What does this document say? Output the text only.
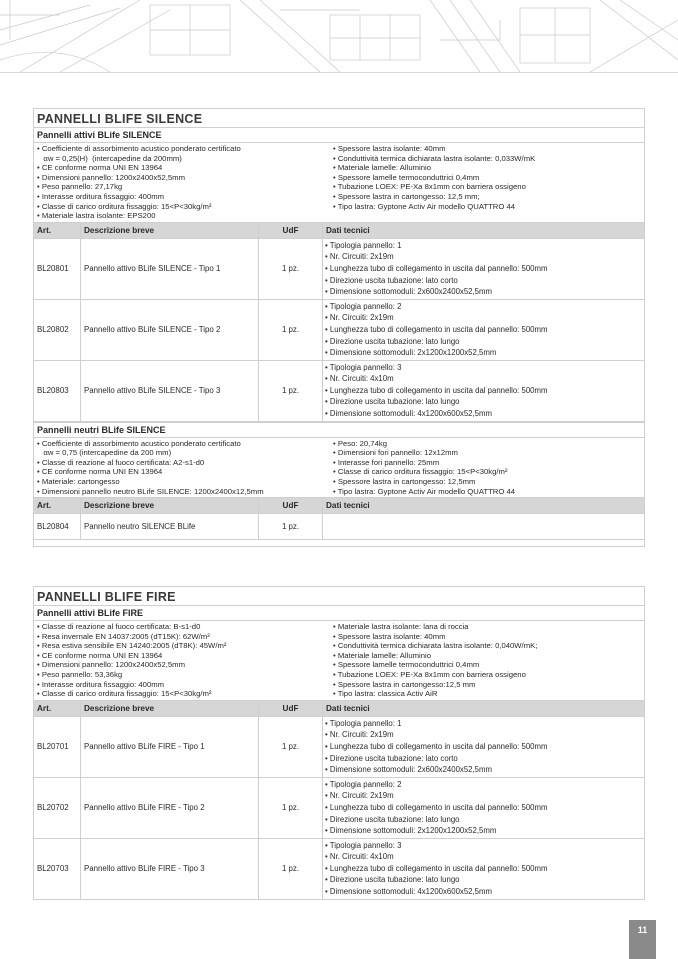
PANNELLI BLIFE SILENCE
Pannelli attivi BLife SILENCE
• Coefficiente di assorbimento acustico ponderato certificato
αw = 0,25(H)  (intercapedine da 200mm)
• CE conforme norma UNI EN 13964
• Dimensioni pannello: 1200x2400x52,5mm
• Peso pannello: 27,17kg
• Interasse orditura fissaggio: 400mm
• Classe di carico orditura fissaggio: 15<P<30kg/m²
• Materiale lastra isolante: EPS200
• Spessore lastra isolante: 40mm
• Conduttività termica dichiarata lastra isolante: 0,033W/mK
• Materiale lamelle: Alluminio
• Spessore lamelle termoconduttrici 0,4mm
• Tubazione LOEX: PE-Xa 8x1mm con barriera ossigeno
• Spessore lastra in cartongesso: 12,5 mm;
• Tipo lastra: Gyptone Activ Air modello QUATTRO 44
Art.	Descrizione breve	UdF	Dati tecnici
BL20801	Pannello attivo BLife SILENCE - Tipo 1	1 pz.	• Tipologia pannello: 1
• Nr. Circuiti: 2x19m
• Lunghezza tubo di collegamento in uscita dal pannello: 500mm
• Direzione uscita tubazione: lato corto
• Dimensione sottomoduli: 2x600x2400x52,5mm

BL20802	Pannello attivo BLife SILENCE - Tipo 2	1 pz.	• Tipologia pannello: 2
• Nr. Circuiti: 2x19m
• Lunghezza tubo di collegamento in uscita dal pannello: 500mm
• Direzione uscita tubazione: lato lungo
• Dimensione sottomoduli: 2x1200x1200x52,5mm

BL20803	Pannello attivo BLife SILENCE - Tipo 3	1 pz.	• Tipologia pannello: 3
• Nr. Circuiti: 4x10m
• Lunghezza tubo di collegamento in uscita dal pannello: 500mm
• Direzione uscita tubazione: lato lungo
• Dimensione sottomoduli: 4x1200x600x52,5mm
Pannelli neutri BLife SILENCE
• Coefficiente di assorbimento acustico ponderato certificato
αw = 0,75 (intercapedine da 200 mm)
• Classe di reazione al fuoco certificata: A2-s1-d0
• CE conforme norma UNI EN 13964
• Materiale: cartongesso
• Dimensioni pannello neutro BLife SILENCE: 1200x2400x12,5mm
• Peso: 20,74kg
• Dimensioni fori pannello: 12x12mm
• Interasse fori pannello: 25mm
• Classe di carico orditura fissaggio: 15<P<30kg/m²
• Spessore lastra in cartongesso: 12,5mm
• Tipo lastra: Gyptone Activ Air modello QUATTRO 44
Art.	Descrizione breve	UdF	Dati tecnici
BL20804	Pannello neutro SILENCE BLife	1 pz.	
PANNELLI BLIFE FIRE
Pannelli attivi BLife FIRE
• Classe di reazione al fuoco certificata: B-s1-d0
• Resa invernale EN 14037:2005 (dT15K): 62W/m²
• Resa estiva sensibile EN 14240:2005 (dT8K): 45W/m²
• CE conforme norma UNI EN 13964
• Dimensioni pannello: 1200x2400x52,5mm
• Peso pannello: 53,36kg
• Interasse orditura fissaggio: 400mm
• Classe di carico orditura fissaggio: 15<P<30kg/m²
• Materiale lastra isolante: lana di roccia
• Spessore lastra isolante: 40mm
• Conduttività termica dichiarata lastra isolante: 0,040W/mK;
• Materiale lamelle: Alluminio
• Spessore lamelle termoconduttrici 0,4mm
• Tubazione LOEX: PE-Xa 8x1mm con barriera ossigeno
• Spessore lastra in cartongesso:12,5 mm
• Tipo lastra: classica Activ AiR
Art.	Descrizione breve	UdF	Dati tecnici
BL20701	Pannello attivo BLife FIRE - Tipo 1	1 pz.	• Tipologia pannello: 1
• Nr. Circuiti: 2x19m
• Lunghezza tubo di collegamento in uscita dal pannello: 500mm
• Direzione uscita tubazione: lato corto
• Dimensione sottomoduli: 2x600x2400x52,5mm

BL20702	Pannello attivo BLife FIRE - Tipo 2	1 pz.	• Tipologia pannello: 2
• Nr. Circuiti: 2x19m
• Lunghezza tubo di collegamento in uscita dal pannello: 500mm
• Direzione uscita tubazione: lato lungo
• Dimensione sottomoduli: 2x1200x1200x52,5mm

BL20703	Pannello attivo BLife FIRE - Tipo 3	1 pz.	• Tipologia pannello: 3
• Nr. Circuiti: 4x10m
• Lunghezza tubo di collegamento in uscita dal pannello: 500mm
• Direzione uscita tubazione: lato lungo
• Dimensione sottomoduli: 4x1200x600x52,5mm
11
